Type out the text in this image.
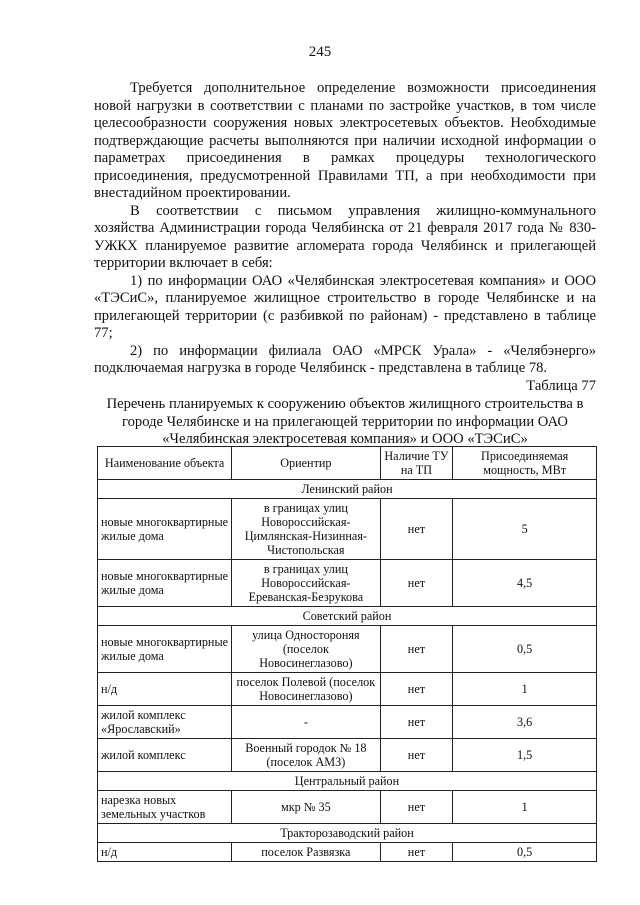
245

Требуется дополнительное определение возможности присоединения новой нагрузки в соответствии с планами по застройке участков, в том числе целесообразности сооружения новых электросетевых объектов. Необходимые подтверждающие расчеты выполняются при наличии исходной информации о параметрах присоединения в рамках процедуры технологического присоединения, предусмотренной Правилами ТП, а при необходимости при внестадийном проектировании.

В соответствии с письмом управления жилищно-коммунального хозяйства Администрации города Челябинска от 21 февраля 2017 года № 830-УЖКХ планируемое развитие агломерата города Челябинск и прилегающей территории включает в себя:

1) по информации ОАО «Челябинская электросетевая компания» и ООО «ТЭСиС», планируемое жилищное строительство в городе Челябинске и на прилегающей территории (с разбивкой по районам) - представлено в таблице 77;

2) по информации филиала ОАО «МРСК Урала» - «Челябэнерго» подключаемая нагрузка в городе Челябинск - представлена в таблице 78.

Таблица 77
Перечень планируемых к сооружению объектов жилищного строительства в городе Челябинске и на прилегающей территории по информации ОАО «Челябинская электросетевая компания» и ООО «ТЭСиС»
Наименование объекта	Ориентир	Наличие ТУ на ТП	Присоединяемая мощность, МВт
Ленинский район			
новые многоквартирные жилые дома	в границах улиц Новороссийская-Цимлянская-Низинная-Чистопольская	нет	5
новые многоквартирные жилые дома	в границах улиц Новороссийская-Ереванская-Безрукова	нет	4,5
Советский район			
новые многоквартирные жилые дома	улица Одностороняя (поселок Новосинеглазово)	нет	0,5
н/д	поселок Полевой (поселок Новосинеглазово)	нет	1
жилой комплекс «Ярославский»	-	нет	3,6
жилой комплекс	Военный городок № 18 (поселок АМЗ)	нет	1,5
Центральный район			
нарезка новых земельных участков	мкр № 35	нет	1
Тракторозаводский район			
н/д	поселок Развязка	нет	0,5
